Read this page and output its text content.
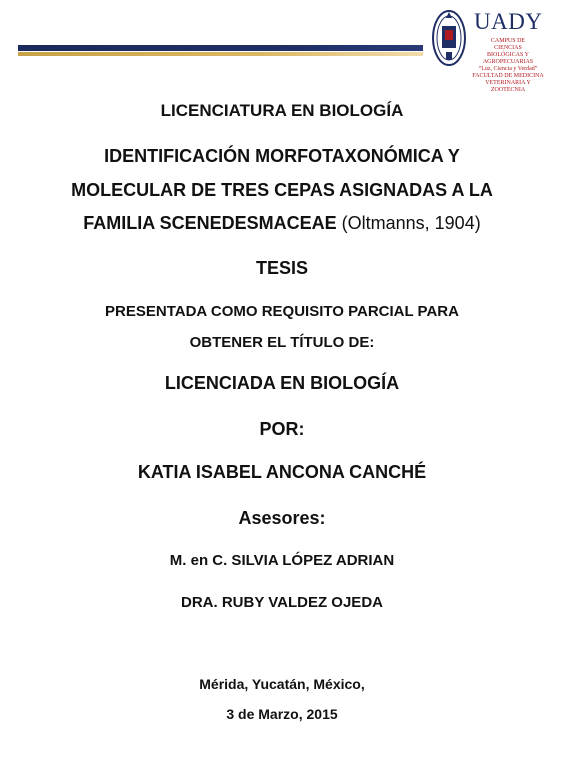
UADY
CAMPUS DE
CIENCIAS
BIOLÓGICAS Y
AGROPECUARIAS
“Luz, Ciencia y Verdad”
FACULTAD DE MEDICINA
VETERINARIA Y ZOOTECNIA
LICENCIATURA EN BIOLOGÍA
IDENTIFICACIÓN MORFOTAXONÓMICA Y
MOLECULAR DE TRES CEPAS ASIGNADAS A LA
FAMILIA SCENEDESMACEAE (Oltmanns, 1904)
TESIS
PRESENTADA COMO REQUISITO PARCIAL PARA
OBTENER EL TÍTULO DE:
LICENCIADA EN BIOLOGÍA
POR:
KATIA ISABEL ANCONA CANCHÉ
Asesores:
M. en C. SILVIA LÓPEZ ADRIAN
DRA. RUBY VALDEZ OJEDA
Mérida, Yucatán, México,
3 de Marzo, 2015
